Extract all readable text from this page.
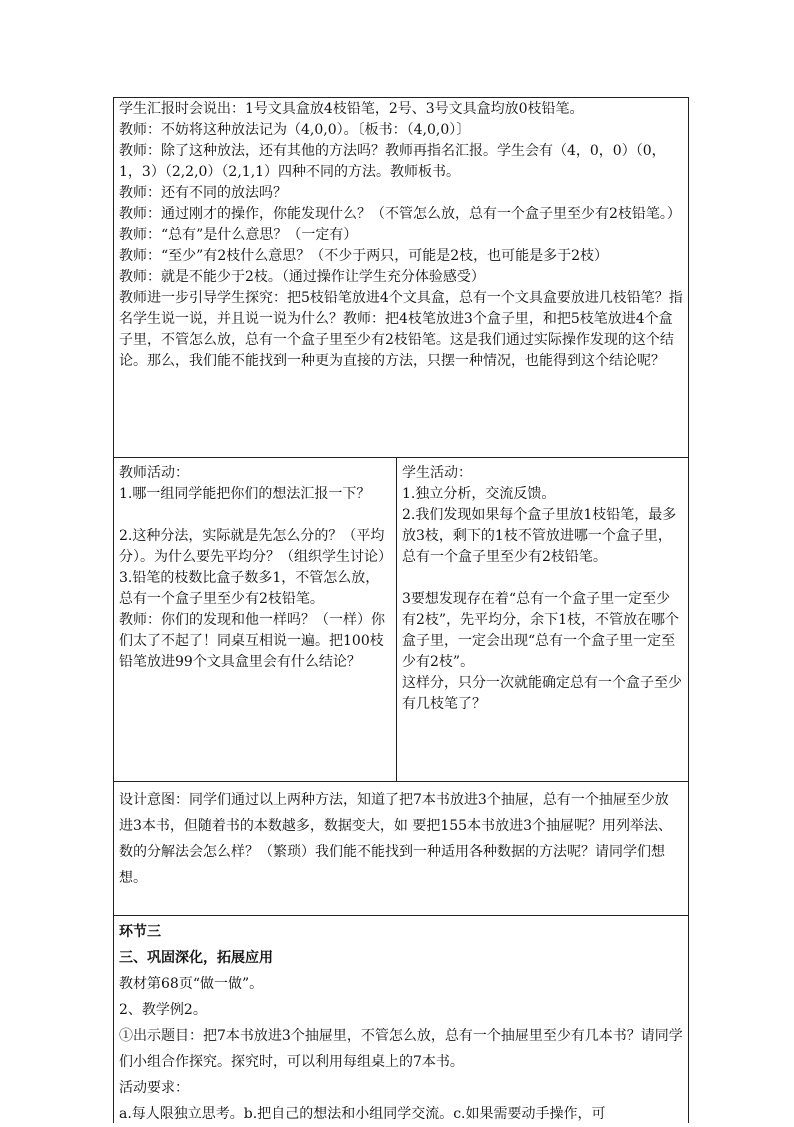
学生汇报时会说出：1号文具盒放4枝铅笔，2号、3号文具盒均放0枝铅笔。

教师：不妨将这种放法记为（4,0,0）。〔板书：（4,0,0）〕

教师：除了这种放法，还有其他的方法吗？教师再指名汇报。学生会有（4，0，0）（0，1，3）（2,2,0）（2,1,1）四种不同的方法。教师板书。

教师：还有不同的放法吗？

教师：通过刚才的操作，你能发现什么？（不管怎么放，总有一个盒子里至少有2枝铅笔。）

教师：“总有”是什么意思？（一定有）

教师：“至少”有2枝什么意思？（不少于两只，可能是2枝，也可能是多于2枝）

教师：就是不能少于2枝。（通过操作让学生充分体验感受）

教师进一步引导学生探究：把5枝铅笔放进4个文具盒，总有一个文具盒要放进几枝铅笔？指名学生说一说，并且说一说为什么？教师：把4枝笔放进3个盒子里，和把5枝笔放进4个盒子里，不管怎么放，总有一个盒子里至少有2枝铅笔。这是我们通过实际操作发现的这个结论。那么，我们能不能找到一种更为直接的方法，只摆一种情况，也能得到这个结论呢？

教师活动：

1.哪一组同学能把你们的想法汇报一下？

2.这种分法，实际就是先怎么分的？（平均分）。为什么要先平均分？（组织学生讨论）

3.铅笔的枝数比盒子数多1，不管怎么放，总有一个盒子里至少有2枝铅笔。

教师：你们的发现和他一样吗？（一样）你们太了不起了！同桌互相说一遍。把100枝铅笔放进99个文具盒里会有什么结论？

学生活动：

1.独立分析，交流反馈。

2.我们发现如果每个盒子里放1枝铅笔，最多放3枝，剩下的1枝不管放进哪一个盒子里，总有一个盒子里至少有2枝铅笔。

3要想发现存在着“总有一个盒子里一定至少有2枝”，先平均分，余下1枝，不管放在哪个盒子里，一定会出现“总有一个盒子里一定至少有2枝”。

这样分，只分一次就能确定总有一个盒子至少有几枝笔了？

设计意图：同学们通过以上两种方法，知道了把7本书放进3个抽屉，总有一个抽屉至少放进3本书，但随着书的本数越多，数据变大，如 要把155本书放进3个抽屉呢？用列举法、数的分解法会怎么样？（繁琐）我们能不能找到一种适用各种数据的方法呢？请同学们想想。

环节三

三、巩固深化，拓展应用

教材第68页“做一做”。

2、教学例2。

①出示题目：把7本书放进3个抽屉里，不管怎么放，总有一个抽屉里至少有几本书？请同学们小组合作探究。探究时，可以利用每组桌上的7本书。

活动要求：

a.每人限独立思考。b.把自己的想法和小组同学交流。c.如果需要动手操作，可
